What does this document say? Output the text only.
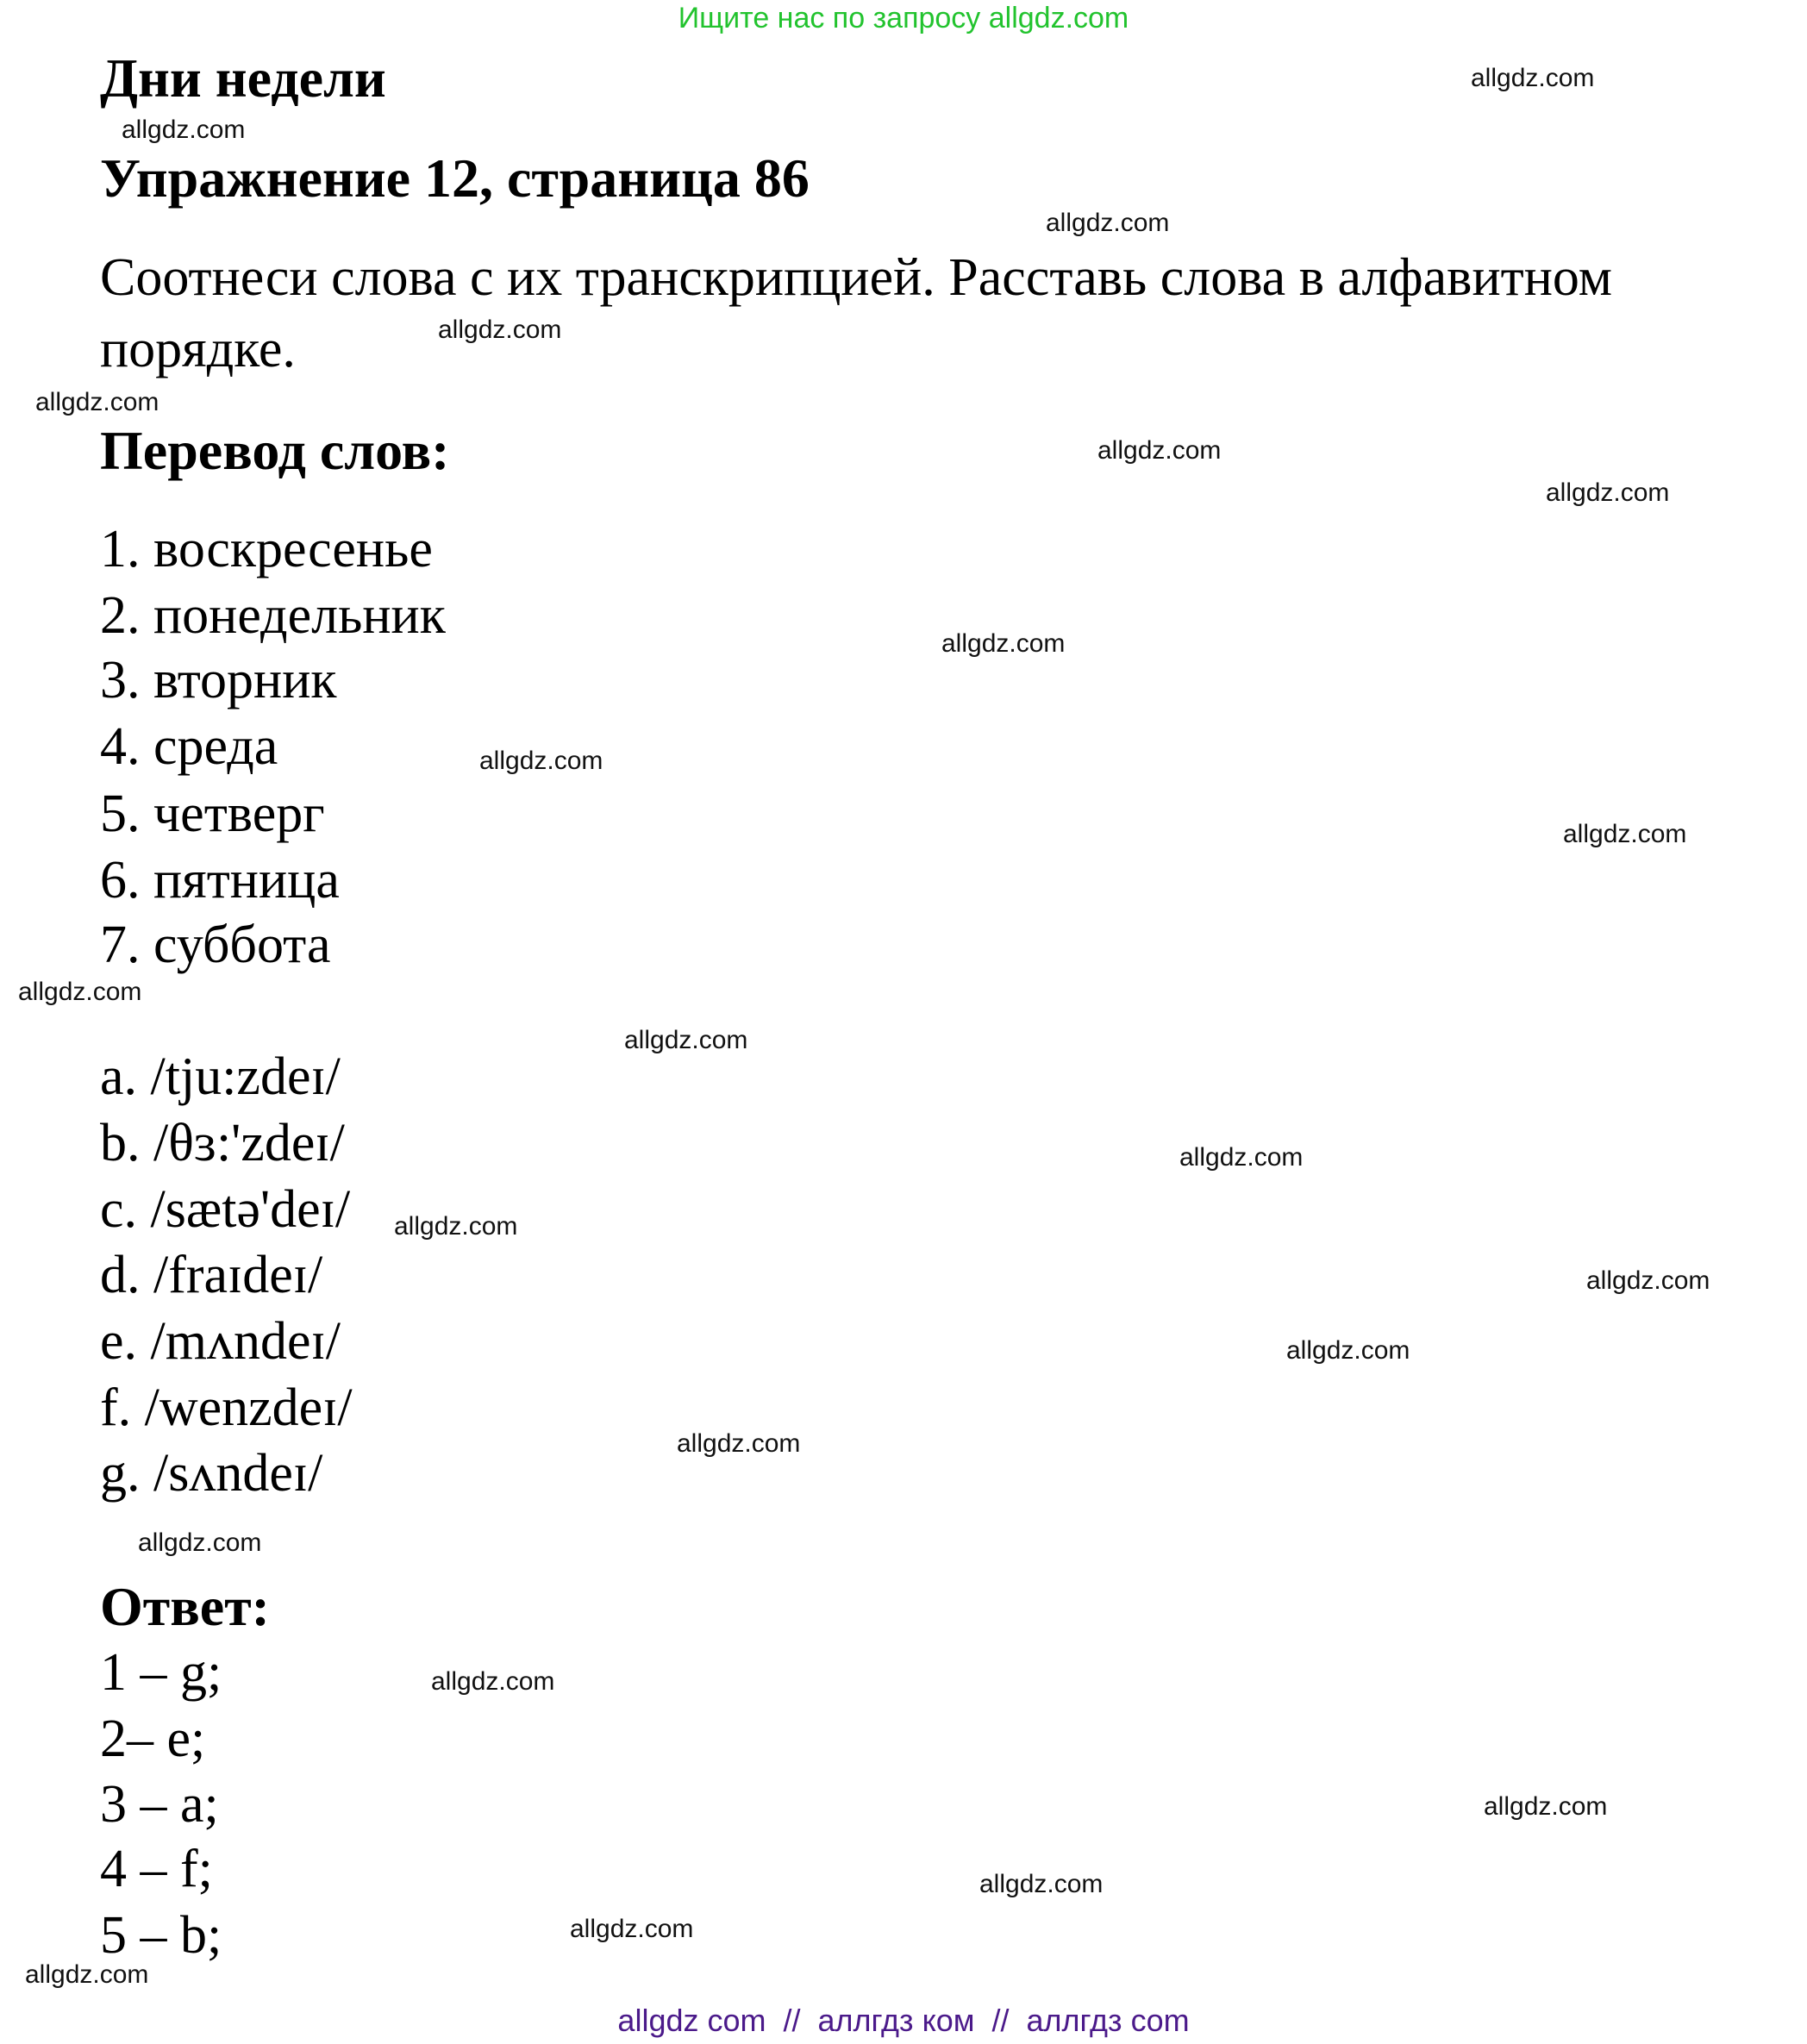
Ищите нас по запросу allgdz.com
Дни недели
Упражнение 12, страница 86
Соотнеси слова с их транскрипцией. Расставь слова в алфавитном
порядке.
Перевод слов:
1. воскресенье
2. понедельник
3. вторник
4. среда
5. четверг
6. пятница
7. суббота
a. /tju:zdeɪ/
b. /θɜ:'zdeɪ/
c. /sætə'deɪ/
d. /fraɪdeɪ/
e. /mʌndeɪ/
f. /wenzdeɪ/
g. /sʌndeɪ/
Ответ:
1 – g;
2– e;
3 – a;
4 – f;
5 – b;
allgdz.com
allgdz.com
allgdz.com
allgdz.com
allgdz.com
allgdz.com
allgdz.com
allgdz.com
allgdz.com
allgdz.com
allgdz.com
allgdz.com
allgdz.com
allgdz.com
allgdz.com
allgdz.com
allgdz.com
allgdz.com
allgdz.com
allgdz.com
allgdz.com
allgdz.com
allgdz.com
allgdz com  //  аллгдз ком  //  аллгдз com
